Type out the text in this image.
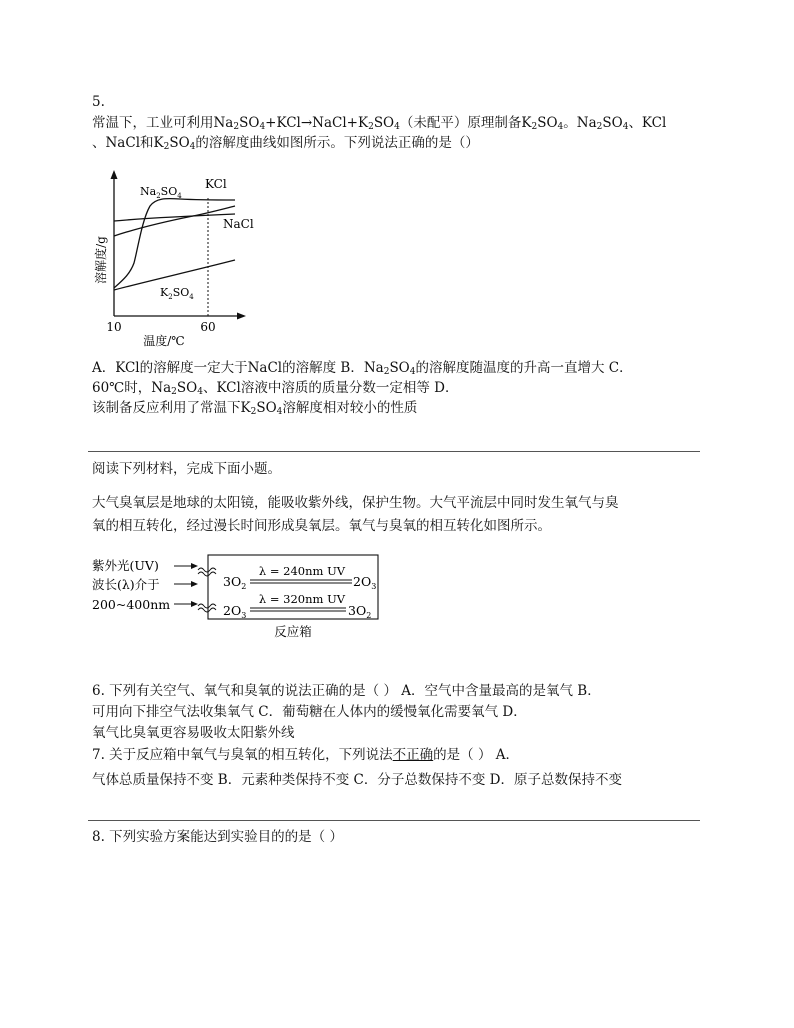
5.
常温下，工业可利用$Na_2SO_4+KCl\to NaCl+K_2SO_4$（未配平）原理制备$K_2SO_4$。$Na_2SO_4$、KCl
、NaCl和$K_2SO_4$的溶解度曲线如图所示。下列说法正确的是（）
$Na_2SO_4$
KCl
NaCl
$K_2SO_4$
溶解度/g
10	60
温度/℃
A．KCl的溶解度一定大于NaCl的溶解度 B．$Na_2SO_4$的溶解度随温度的升高一直增大 C．
60℃时，$Na_2SO_4$、KCl溶液中溶质的质量分数一定相等 D．
该制备反应利用了常温下$K_2SO_4$溶解度相对较小的性质
阅读下列材料，完成下面小题。
大气臭氧层是地球的太阳镜，能吸收紫外线，保护生物。大气平流层中同时发生氧气与臭
氧的相互转化，经过漫长时间形成臭氧层。氧气与臭氧的相互转化如图所示。
紫外光(UV)
波长(λ)介于
200~400nm
$3O_2$
λ = 240nm UV
$2O_3$
$2O_3$
λ = 320nm UV
$3O_2$
反应箱
6. 下列有关空气、氧气和臭氧的说法正确的是（ ） A．空气中含量最高的是氧气 B．
可用向下排空气法收集氧气 C．葡萄糖在人体内的缓慢氧化需要氧气 D．
氧气比臭氧更容易吸收太阳紫外线
7. 关于反应箱中氧气与臭氧的相互转化，下列说法不正确的是（ ） A．
气体总质量保持不变 B．元素种类保持不变 C．分子总数保持不变 D．原子总数保持不变
8. 下列实验方案能达到实验目的的是（ ）
